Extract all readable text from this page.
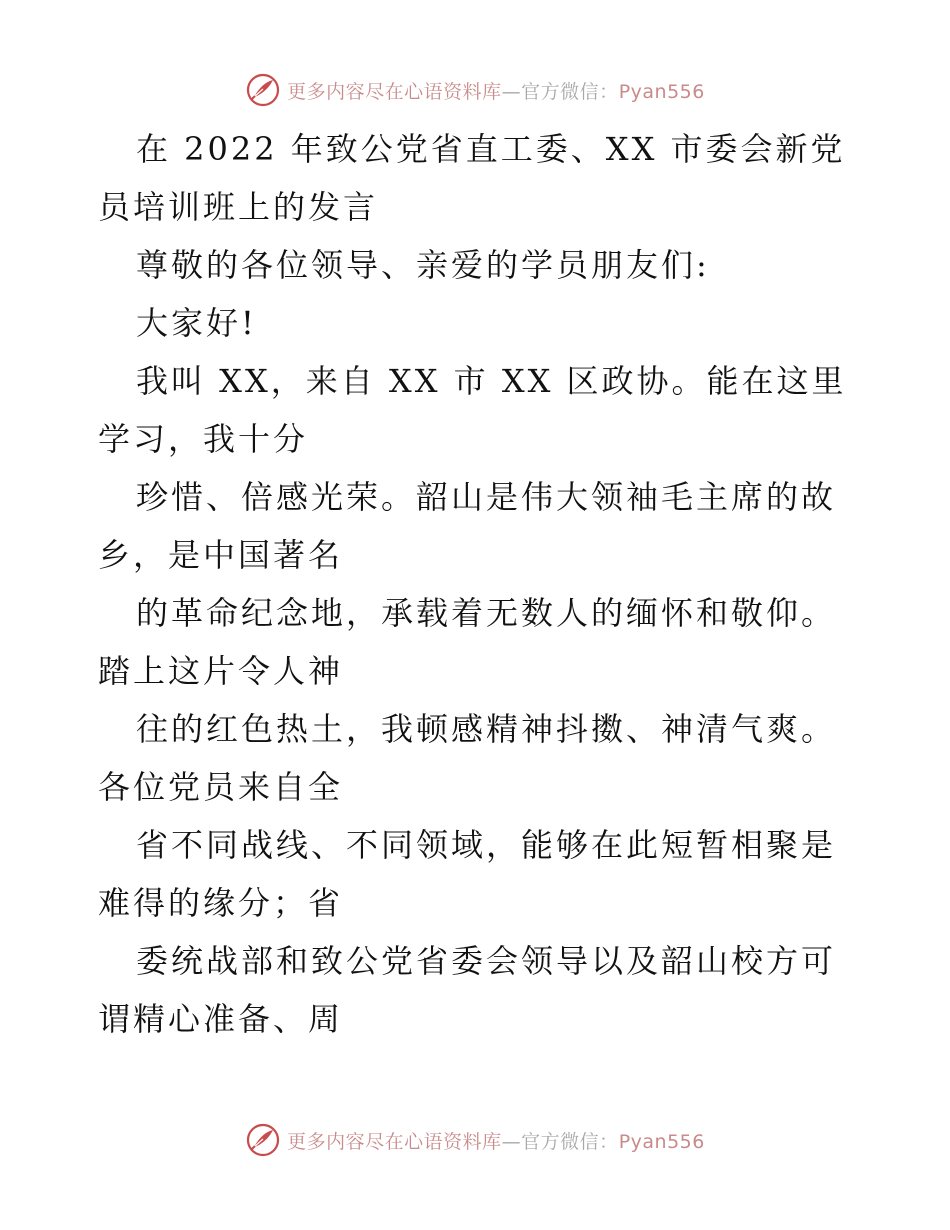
更多内容尽在心语资料库—官方微信：Pyan556

在 2022 年致公党省直工委、XX 市委会新党员培训班上的发言

尊敬的各位领导、亲爱的学员朋友们:

大家好!

我叫 XX，来自 XX 市 XX 区政协。能在这里学习，我十分

珍惜、倍感光荣。韶山是伟大领袖毛主席的故乡，是中国著名

的革命纪念地，承载着无数人的缅怀和敬仰。踏上这片令人神

往的红色热土，我顿感精神抖擞、神清气爽。各位党员来自全

省不同战线、不同领域，能够在此短暂相聚是难得的缘分；省

委统战部和致公党省委会领导以及韶山校方可谓精心准备、周

更多内容尽在心语资料库—官方微信：Pyan556
